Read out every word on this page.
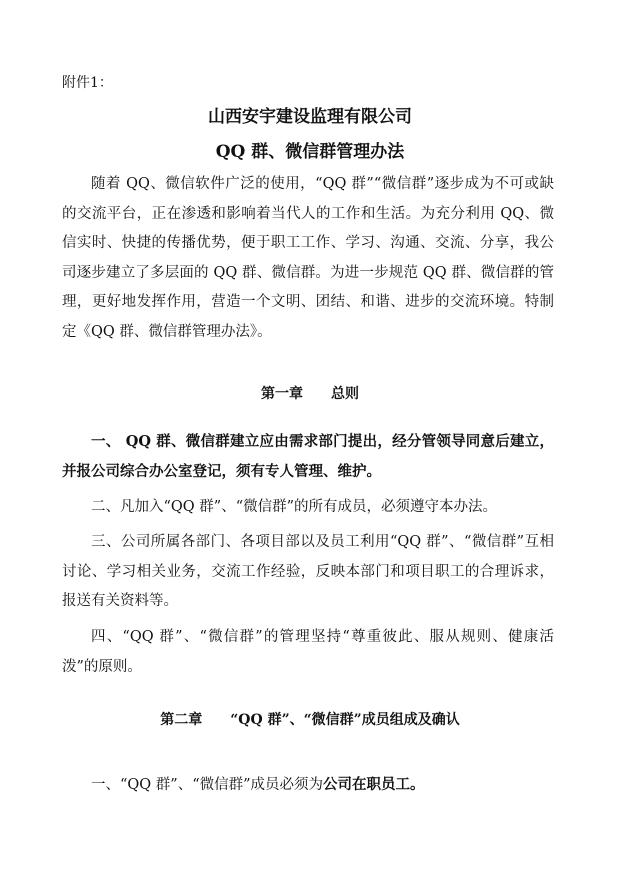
附件1：
山西安宇建设监理有限公司
QQ 群、微信群管理办法

随着 QQ、微信软件广泛的使用，“QQ 群”“微信群”逐步成为不可或缺的交流平台，正在渗透和影响着当代人的工作和生活。为充分利用 QQ、微信实时、快捷的传播优势，便于职工工作、学习、沟通、交流、分享，我公司逐步建立了多层面的 QQ 群、微信群。为进一步规范 QQ 群、微信群的管理，更好地发挥作用，营造一个文明、团结、和谐、进步的交流环境。特制定《QQ 群、微信群管理办法》。

第一章 总则

一、 QQ 群、微信群建立应由需求部门提出，经分管领导同意后建立，并报公司综合办公室登记，须有专人管理、维护。

二、凡加入“QQ 群”、“微信群”的所有成员，必须遵守本办法。

三、公司所属各部门、各项目部以及员工利用“QQ 群”、“微信群”互相讨论、学习相关业务，交流工作经验，反映本部门和项目职工的合理诉求，报送有关资料等。

四、“QQ 群”、“微信群”的管理坚持“尊重彼此、服从规则、健康活泼”的原则。

第二章 “QQ 群”、“微信群”成员组成及确认

一、“QQ 群”、“微信群”成员必须为公司在职员工。
